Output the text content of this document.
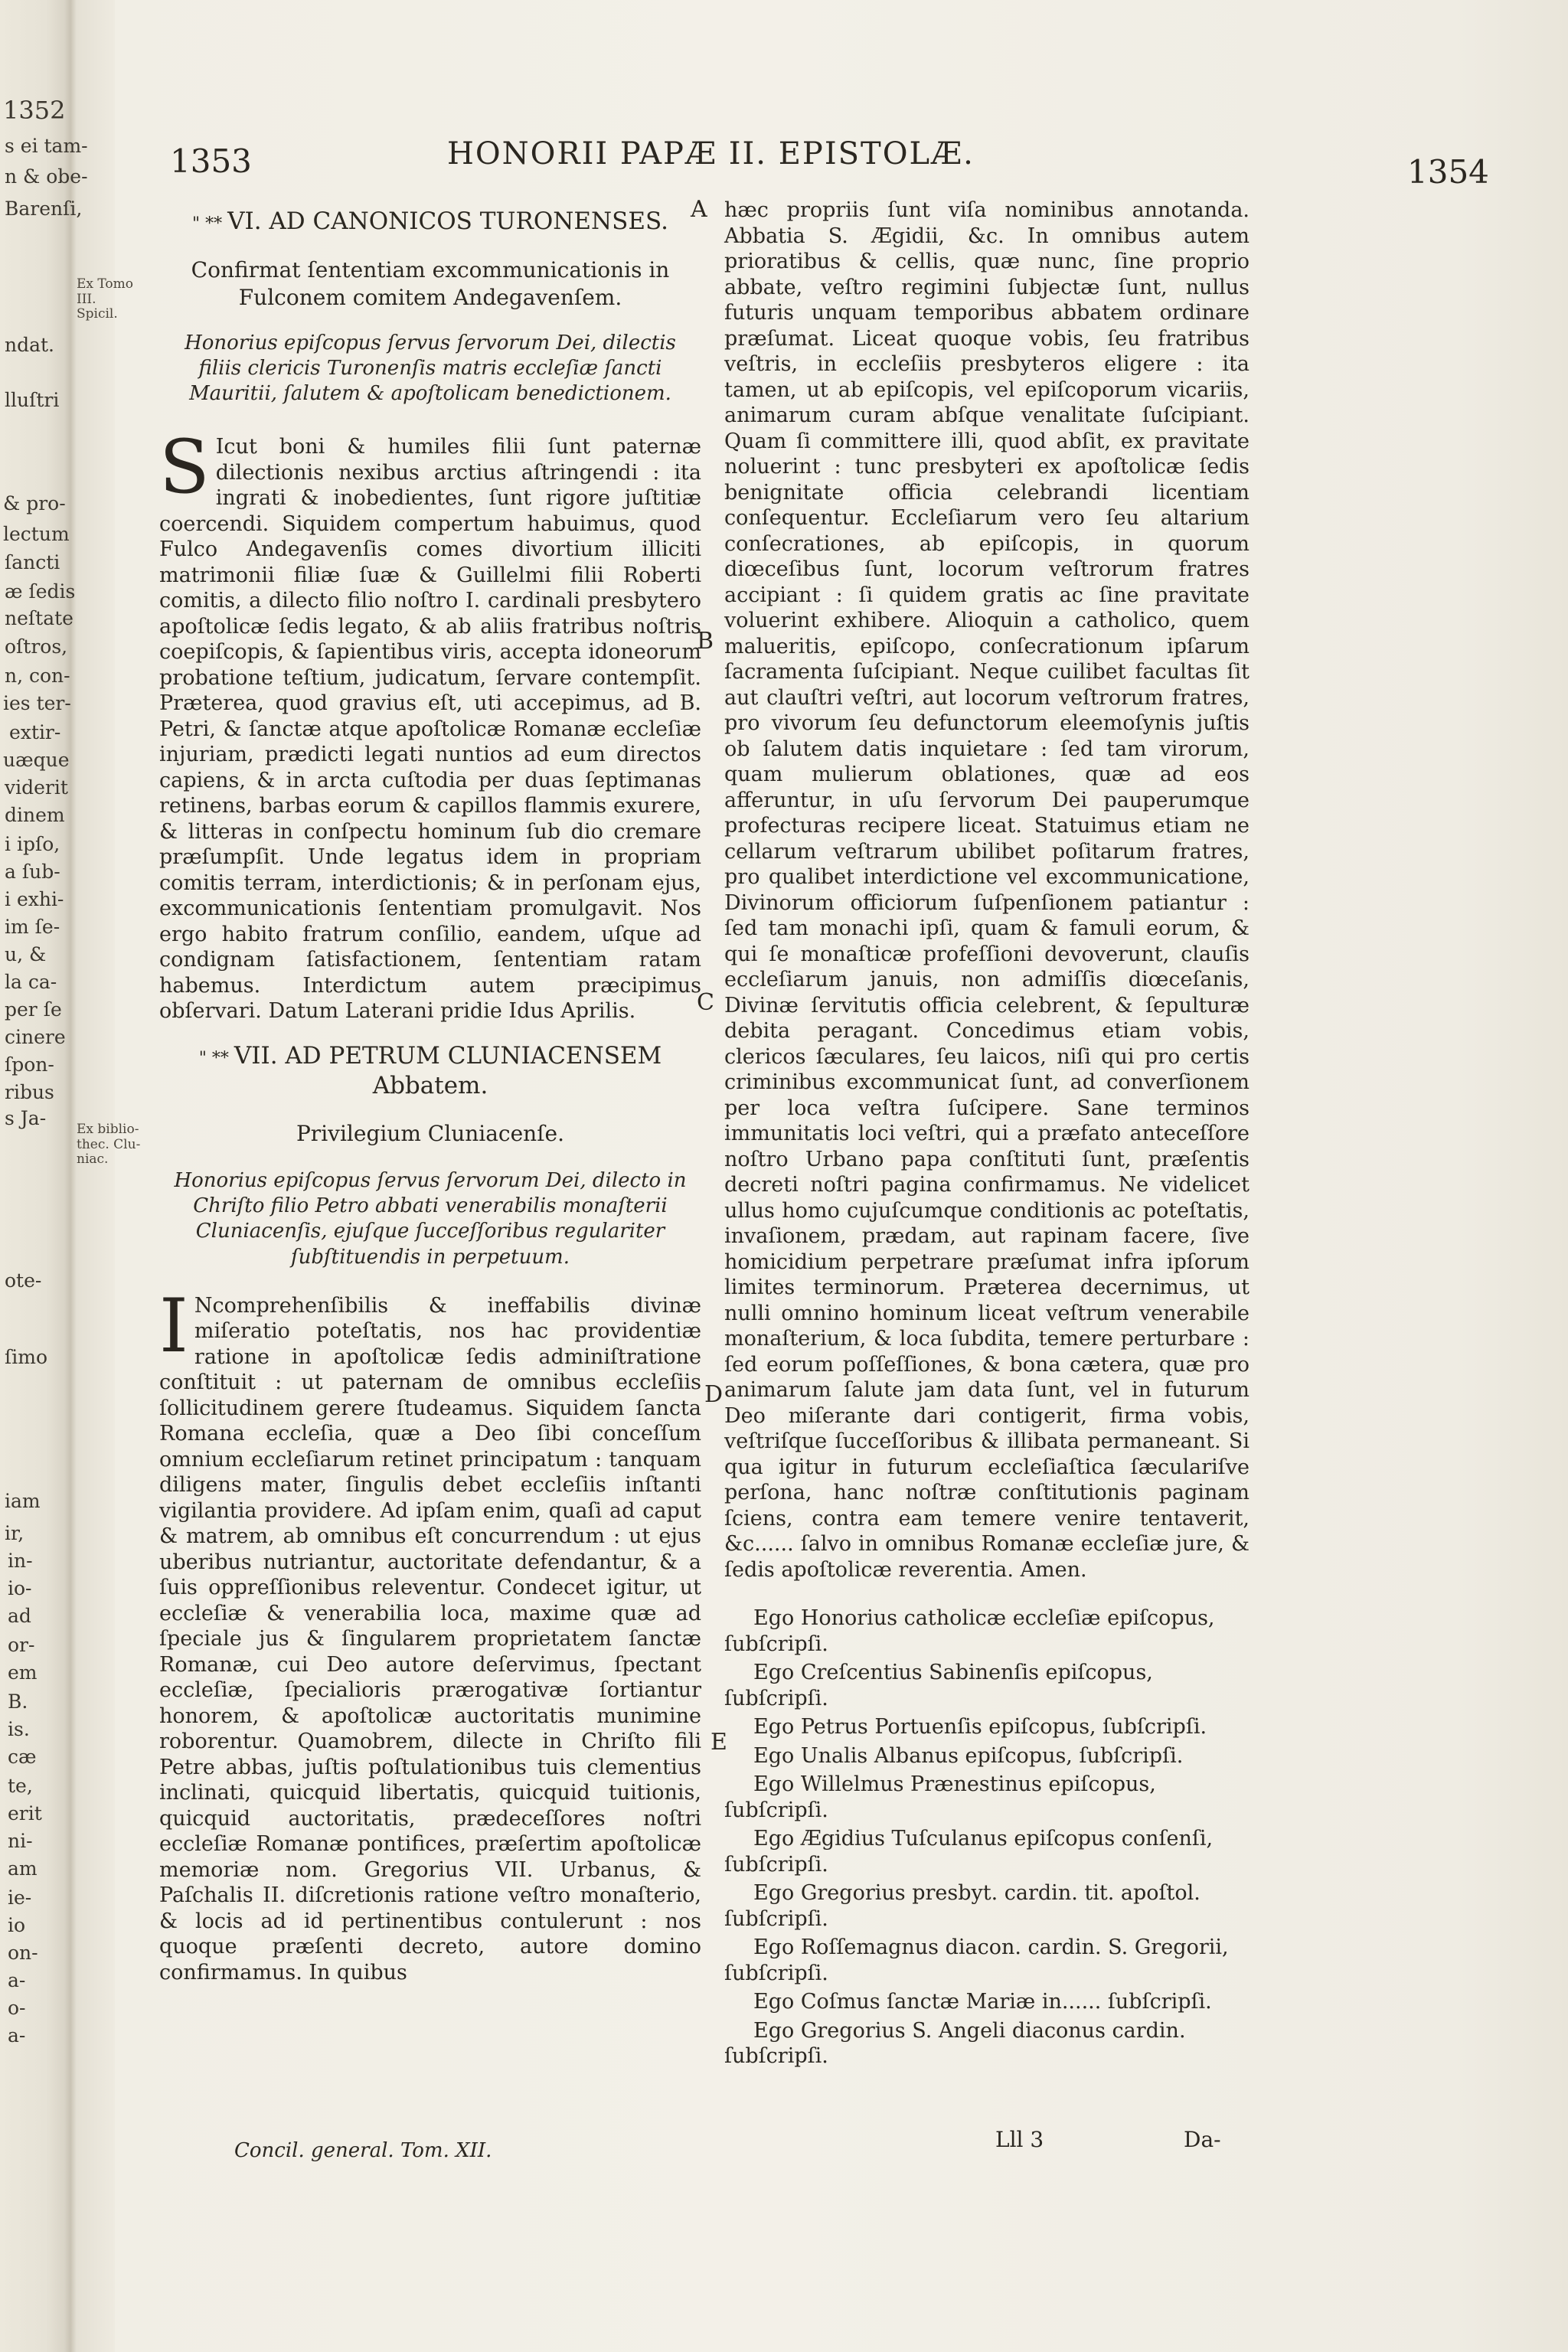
1352
s ei tam-
n & obe-
Barenſi,
ndat.
lluſtri
& pro-
lectum
ſancti
æ ſedis
neſtate
oſtros,
n, con-
ies ter-
extir-
uæque
viderit
dinem
i ipſo,
a ſub-
i exhi-
im ſe-
u, &
la ca-
per ſe
cinere
ſpon-
ribus
s Ja-
ote-
ſimo
iam
ir,
in-
io-
ad
or-
em
B.
is.
cæ
te,
erit
ni-
am
ie-
io
on-
a-
o-
a-
1353	HONORII PAPÆ II. EPISTOLÆ.	1354
Ex Tomo III. Spicil.
Ex biblio- thec. Clu- niac.
" ** VI. AD CANONICOS TURONENSES.
Confirmat ſententiam excommunicationis in Fulconem comitem Andegavenſem.
Honorius epiſcopus ſervus ſervorum Dei, dilectis filiis clericis Turonenſis matris eccleſiæ ſancti Mauritii, ſalutem & apoſtolicam benedictionem.
S Icut boni & humiles filii ſunt paternæ dilectionis nexibus arctius aſtringendi : ita ingrati & inobedientes, ſunt rigore juſtitiæ coercendi. Siquidem compertum habuimus, quod Fulco Andegavenſis comes divortium illiciti matrimonii filiæ ſuæ & Guillelmi filii Roberti comitis, a dilecto filio noſtro I. cardinali presbytero apoſtolicæ ſedis legato, & ab aliis fratribus noſtris coepiſcopis, & ſapientibus viris, accepta idoneorum probatione teſtium, judicatum, ſervare contempſit. Præterea, quod gravius eſt, uti accepimus, ad B. Petri, & ſanctæ atque apoſtolicæ Romanæ eccleſiæ injuriam, prædicti legati nuntios ad eum directos capiens, & in arcta cuſtodia per duas ſeptimanas retinens, barbas eorum & capillos flammis exurere, & litteras in conſpectu hominum ſub dio cremare præſumpſit. Unde legatus idem in propriam comitis terram, interdictionis; & in perſonam ejus, excommunicationis ſententiam promulgavit. Nos ergo habito fratrum conſilio, eandem, uſque ad condignam ſatisfactionem, ſententiam ratam habemus. Interdictum autem præcipimus obſervari. Datum Laterani pridie Idus Aprilis.
" ** VII. AD PETRUM CLUNIACENSEM
Abbatem.
Privilegium Cluniacenſe.
Honorius epiſcopus ſervus ſervorum Dei, dilecto in Chriſto filio Petro abbati venerabilis monaſterii Cluniacenſis, ejuſque ſucceſſoribus regulariter ſubſtituendis in perpetuum.
I Ncomprehenſibilis & ineffabilis divinæ miſeratio poteſtatis, nos hac providentiæ ratione in apoſtolicæ ſedis adminiſtratione conſtituit : ut paternam de omnibus eccleſiis ſollicitudinem gerere ſtudeamus. Siquidem ſancta Romana eccleſia, quæ a Deo ſibi conceſſum omnium eccleſiarum retinet principatum : tanquam diligens mater, ſingulis debet eccleſiis inſtanti vigilantia providere. Ad ipſam enim, quaſi ad caput & matrem, ab omnibus eſt concurrendum : ut ejus uberibus nutriantur, auctoritate defendantur, & a ſuis oppreſſionibus releventur. Condecet igitur, ut eccleſiæ & venerabilia loca, maxime quæ ad ſpeciale jus & ſingularem proprietatem ſanctæ Romanæ, cui Deo autore deſervimus, ſpectant eccleſiæ, ſpecialioris prærogativæ ſortiantur honorem, & apoſtolicæ auctoritatis munimine roborentur. Quamobrem, dilecte in Chriſto fili Petre abbas, juſtis poſtulationibus tuis clementius inclinati, quicquid libertatis, quicquid tuitionis, quicquid auctoritatis, prædeceſſores noſtri eccleſiæ Romanæ pontifices, præſertim apoſtolicæ memoriæ nom. Gregorius VII. Urbanus, & Paſchalis II. diſcretionis ratione veſtro monaſterio, & locis ad id pertinentibus contulerunt : nos quoque præſenti decreto, autore domino confirmamus. In quibus
Concil. general. Tom. XII.
A
B
C
D
E
hæc propriis ſunt viſa nominibus annotanda. Abbatia S. Ægidii, &c. In omnibus autem prioratibus & cellis, quæ nunc, ſine proprio abbate, veſtro regimini ſubjectæ ſunt, nullus futuris unquam temporibus abbatem ordinare præſumat. Liceat quoque vobis, ſeu fratribus veſtris, in eccleſiis presbyteros eligere : ita tamen, ut ab epiſcopis, vel epiſcoporum vicariis, animarum curam abſque venalitate ſuſcipiant. Quam ſi committere illi, quod abſit, ex pravitate noluerint : tunc presbyteri ex apoſtolicæ ſedis benignitate officia celebrandi licentiam conſequentur. Eccleſiarum vero ſeu altarium conſecrationes, ab epiſcopis, in quorum diœceſibus ſunt, locorum veſtrorum fratres accipiant : ſi quidem gratis ac ſine pravitate voluerint exhibere. Alioquin a catholico, quem malueritis, epiſcopo, conſecrationum ipſarum ſacramenta ſuſcipiant. Neque cuilibet facultas ſit aut clauſtri veſtri, aut locorum veſtrorum fratres, pro vivorum ſeu defunctorum eleemoſynis juſtis ob ſalutem datis inquietare : ſed tam virorum, quam mulierum oblationes, quæ ad eos afferuntur, in uſu ſervorum Dei pauperumque profecturas recipere liceat. Statuimus etiam ne cellarum veſtrarum ubilibet poſitarum fratres, pro qualibet interdictione vel excommunicatione, Divinorum officiorum ſuſpenſionem patiantur : ſed tam monachi ipſi, quam & famuli eorum, & qui ſe monaſticæ profeſſioni devoverunt, clauſis eccleſiarum januis, non admiſſis diœceſanis, Divinæ ſervitutis officia celebrent, & ſepulturæ debita peragant. Concedimus etiam vobis, clericos ſæculares, ſeu laicos, niſi qui pro certis criminibus excommunicat ſunt, ad converſionem per loca veſtra ſuſcipere. Sane terminos immunitatis loci veſtri, qui a præfato anteceſſore noſtro Urbano papa conſtituti ſunt, præſentis decreti noſtri pagina confirmamus. Ne videlicet ullus homo cujuſcumque conditionis ac poteſtatis, invaſionem, prædam, aut rapinam facere, ſive homicidium perpetrare præſumat infra ipſorum limites terminorum. Præterea decernimus, ut nulli omnino hominum liceat veſtrum venerabile monaſterium, & loca ſubdita, temere perturbare : ſed eorum poſſeſſiones, & bona cætera, quæ pro animarum ſalute jam data ſunt, vel in futurum Deo miſerante dari contigerit, firma vobis, veſtriſque ſucceſſoribus & illibata permaneant. Si qua igitur in futurum eccleſiaſtica ſæculariſve perſona, hanc noſtræ conſtitutionis paginam ſciens, contra eam temere venire tentaverit, &c...... ſalvo in omnibus Romanæ eccleſiæ jure, & ſedis apoſtolicæ reverentia. Amen.
Ego Honorius catholicæ eccleſiæ epiſcopus, ſubſcripſi.
Ego Creſcentius Sabinenſis epiſcopus, ſubſcripſi.
Ego Petrus Portuenſis epiſcopus, ſubſcripſi.
Ego Unalis Albanus epiſcopus, ſubſcripſi.
Ego Willelmus Prænestinus epiſcopus, ſubſcripſi.
Ego Ægidius Tuſculanus epiſcopus conſenſi, ſubſcripſi.
Ego Gregorius presbyt. cardin. tit. apoſtol. ſubſcripſi.
Ego Roſſemagnus diacon. cardin. S. Gregorii, ſubſcripſi.
Ego Coſmus ſanctæ Mariæ in...... ſubſcripſi.
Ego Gregorius S. Angeli diaconus cardin. ſubſcripſi.
Lll 3	Da-
